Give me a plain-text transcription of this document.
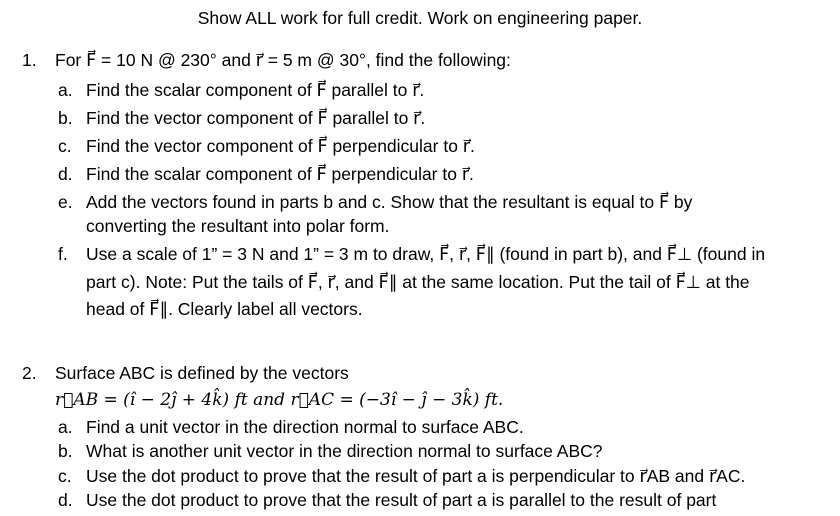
Show ALL work for full credit. Work on engineering paper.
1. For F⃗ = 10 N @ 230° and r⃗ = 5 m @ 30°, find the following:
a. Find the scalar component of F⃗ parallel to r⃗.
b. Find the vector component of F⃗ parallel to r⃗.
c. Find the vector component of F⃗ perpendicular to r⃗.
d. Find the scalar component of F⃗ perpendicular to r⃗.
e. Add the vectors found in parts b and c. Show that the resultant is equal to F⃗ by
converting the resultant into polar form.
f. Use a scale of 1” = 3 N and 1” = 3 m to draw, F⃗, r⃗, F⃗∥ (found in part b), and F⃗⊥ (found in
part c). Note: Put the tails of F⃗, r⃗, and F⃗∥ at the same location. Put the tail of F⃗⊥ at the
head of F⃗∥. Clearly label all vectors.
2. Surface ABC is defined by the vectors
r⃗AB = (î − 2ĵ + 4k̂) ft and r⃗AC = (−3î − ĵ − 3k̂) ft.
a. Find a unit vector in the direction normal to surface ABC.
b. What is another unit vector in the direction normal to surface ABC?
c. Use the dot product to prove that the result of part a is perpendicular to r⃗AB and r⃗AC.
d. Use the dot product to prove that the result of part a is parallel to the result of part
